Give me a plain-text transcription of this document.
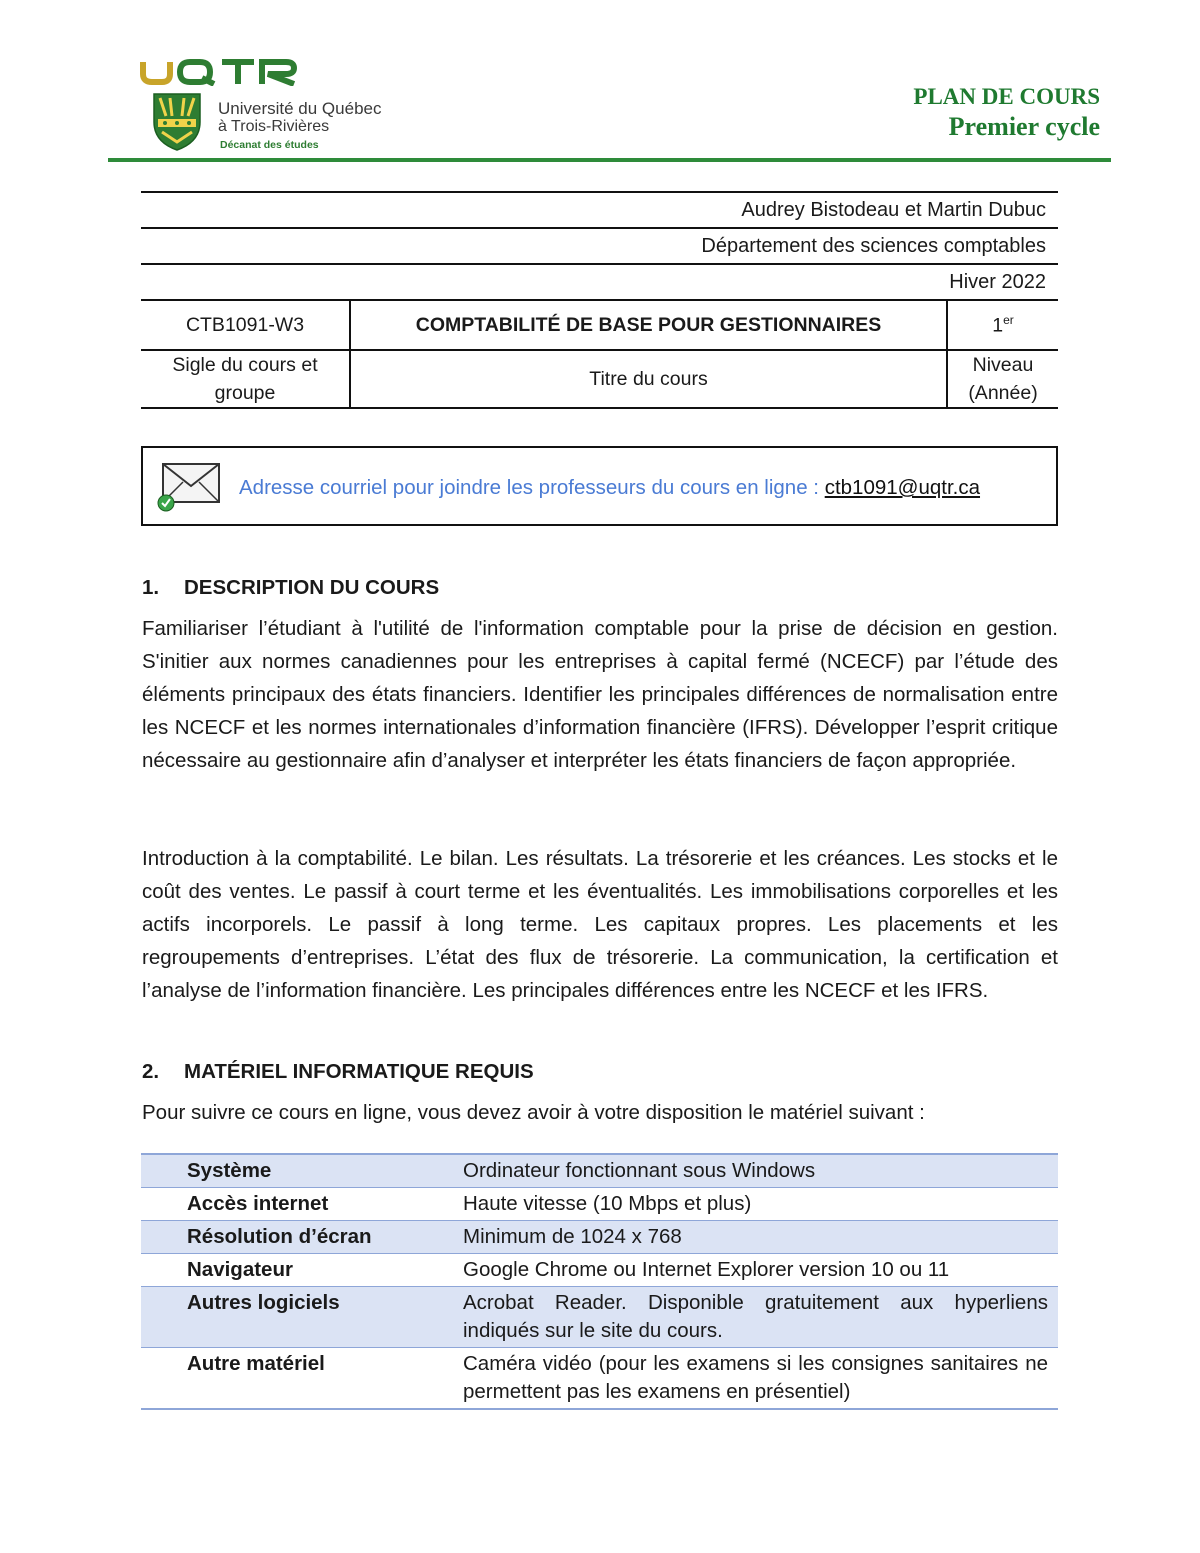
Université du Québec
à Trois-Rivières
Décanat des études
PLAN DE COURS
Premier cycle
Audrey Bistodeau et Martin Dubuc
Département des sciences comptables
Hiver 2022
CTB1091-W3	COMPTABILITÉ DE BASE POUR GESTIONNAIRES	1er
Sigle du cours et groupe	Titre du cours	Niveau (Année)
Adresse courriel pour joindre les professeurs du cours en ligne : ctb1091@uqtr.ca
1. DESCRIPTION DU COURS
Familiariser l’étudiant à l'utilité de l'information comptable pour la prise de décision en gestion. S'initier aux normes canadiennes pour les entreprises à capital fermé (NCECF) par l’étude des éléments principaux des états financiers. Identifier les principales différences de normalisation entre les NCECF et les normes internationales d’information financière (IFRS). Développer l’esprit critique nécessaire au gestionnaire afin d’analyser et interpréter les états financiers de façon appropriée.
Introduction à la comptabilité. Le bilan. Les résultats. La trésorerie et les créances. Les stocks et le coût des ventes. Le passif à court terme et les éventualités. Les immobilisations corporelles et les actifs incorporels. Le passif à long terme. Les capitaux propres. Les placements et les regroupements d’entreprises. L’état des flux de trésorerie. La communication, la certification et l’analyse de l’information financière. Les principales différences entre les NCECF et les IFRS.
2. MATÉRIEL INFORMATIQUE REQUIS
Pour suivre ce cours en ligne, vous devez avoir à votre disposition le matériel suivant :
Système	Ordinateur fonctionnant sous Windows
Accès internet	Haute vitesse (10 Mbps et plus)
Résolution d’écran	Minimum de 1024 x 768
Navigateur	Google Chrome ou Internet Explorer version 10 ou 11
Autres logiciels	Acrobat Reader. Disponible gratuitement aux hyperliens indiqués sur le site du cours.
Autre matériel	Caméra vidéo (pour les examens si les consignes sanitaires ne permettent pas les examens en présentiel)
